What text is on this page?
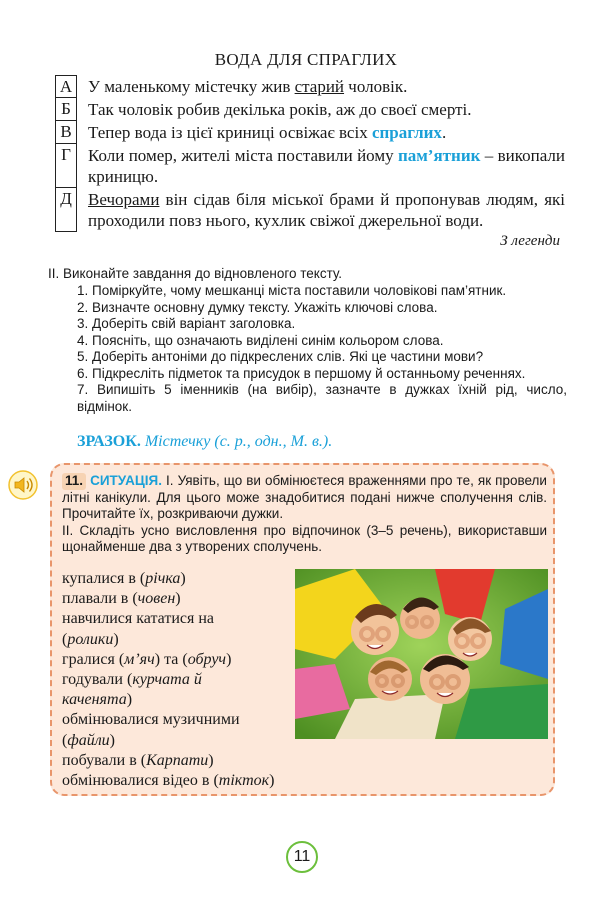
ВОДА ДЛЯ СПРАГЛИХ
А У маленькому містечку жив старий чоловік.
Б	Так чоловік робив декілька років, аж до своєї смерті.
В Тепер вода із цієї криниці освіжає всіх спраглих.
Г	Коли помер, жителі міста поставили йому пам’ятник – викопали криницю.
Д Вечорами він сідав біля міської брами й пропонував людям, які проходили повз нього, кухлик свіжої джерельної води.
З легенди
ІІ. Виконайте завдання до відновленого тексту.
1. Поміркуйте, чому мешканці міста поставили чоловікові пам’ятник.
2. Визначте основну думку тексту. Укажіть ключові слова.
3. Доберіть свій варіант заголовка.
4. Поясніть, що означають виділені синім кольором слова.
5. Доберіть антоніми до підкреслених слів. Які це частини мови?
6. Підкресліть підметок та присудок в першому й останньому реченнях.
7. Випишіть 5 іменників (на вибір), зазначте в дужках їхній рід, число, відмінок.
ЗРАЗОК. Містечку (с. р., одн., М. в.).

11. СИТУАЦІЯ. І. Уявіть, що ви обмінюєтеся враженнями про те, як провели літні канікули. Для цього може знадобитися подані нижче сполучення слів. Прочитайте їх, розкриваючи дужки.

ІІ. Складіть усно висловлення про відпочинок (3–5 речень), використавши щонайменше два з утворених сполучень.

купалися в (річка)
плавали в (човен)
навчилися кататися на
(ролики)
гралися (м’яч) та (обруч)
годували (курчата й
каченята)
обмінювалися музичними
(файли)
побували в (Карпати)
обмінювалися відео в (тікток)
11
